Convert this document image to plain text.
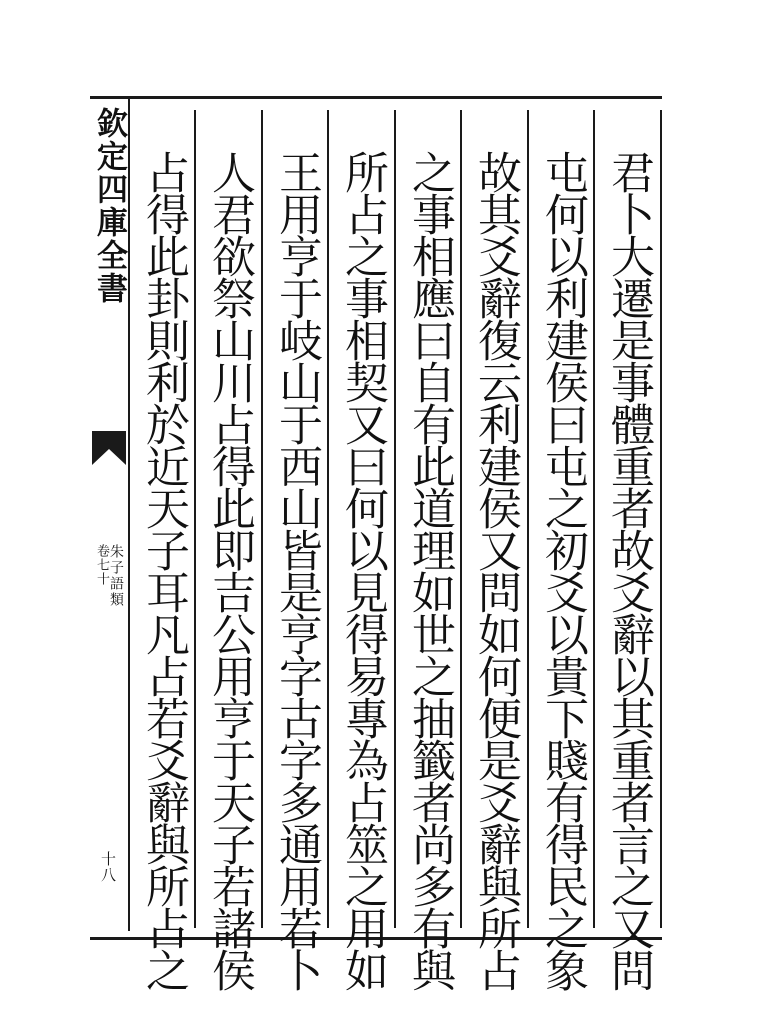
欽定四庫全書
朱子語類
卷七十
十八	君卜大遷是事體重者故爻辭以其重者言之又問
屯何以利建侯曰屯之初爻以貴下賤有得民之象
故其爻辭復云利建侯又問如何便是爻辭與所占
之事相應曰自有此道理如世之抽籤者尚多有與
所占之事相契又曰何以見得易專為占筮之用如
王用亨于岐山于西山皆是亨字古字多通用若卜
人君欲祭山川占得此即吉公用亨于天子若諸侯
占得此卦則利於近天子耳凡占若爻辭與所占之
